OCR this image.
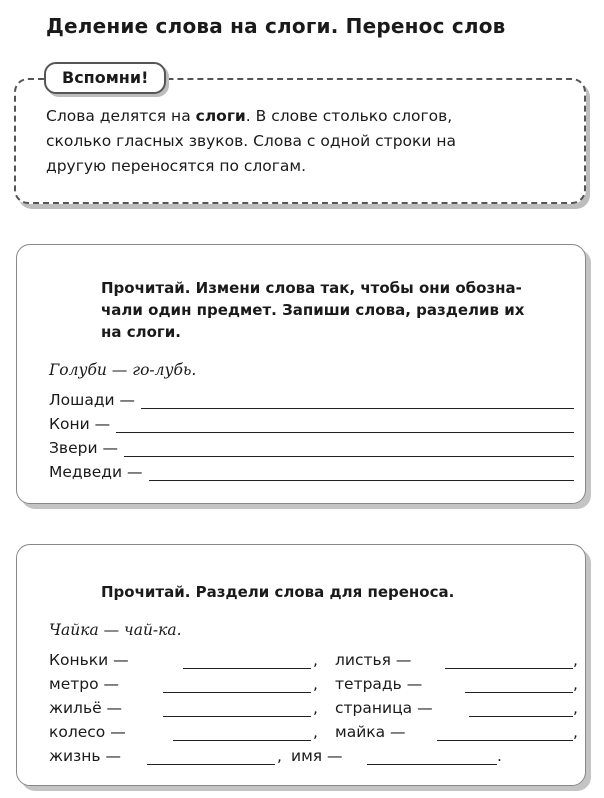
Деление слова на слоги. Перенос слов
Вспомни!
Слова делятся на слоги. В слове столько слогов,
сколько гласных звуков. Слова с одной строки на
другую переносятся по слогам.
Прочитай. Измени слова так, чтобы они обозна-
чали один предмет. Запиши слова, разделив их
на слоги.
Голуби — го-лубь.
Лошади —
Кони —
Звери —
Медведи —
Прочитай. Раздели слова для переноса.
Чайка — чай-ка.
Коньки —	,	листья —	,
метро —	,	тетрадь —	,
жильё —	,	страница —	,
колесо —	,	майка —	,
жизнь —	, имя —	.
